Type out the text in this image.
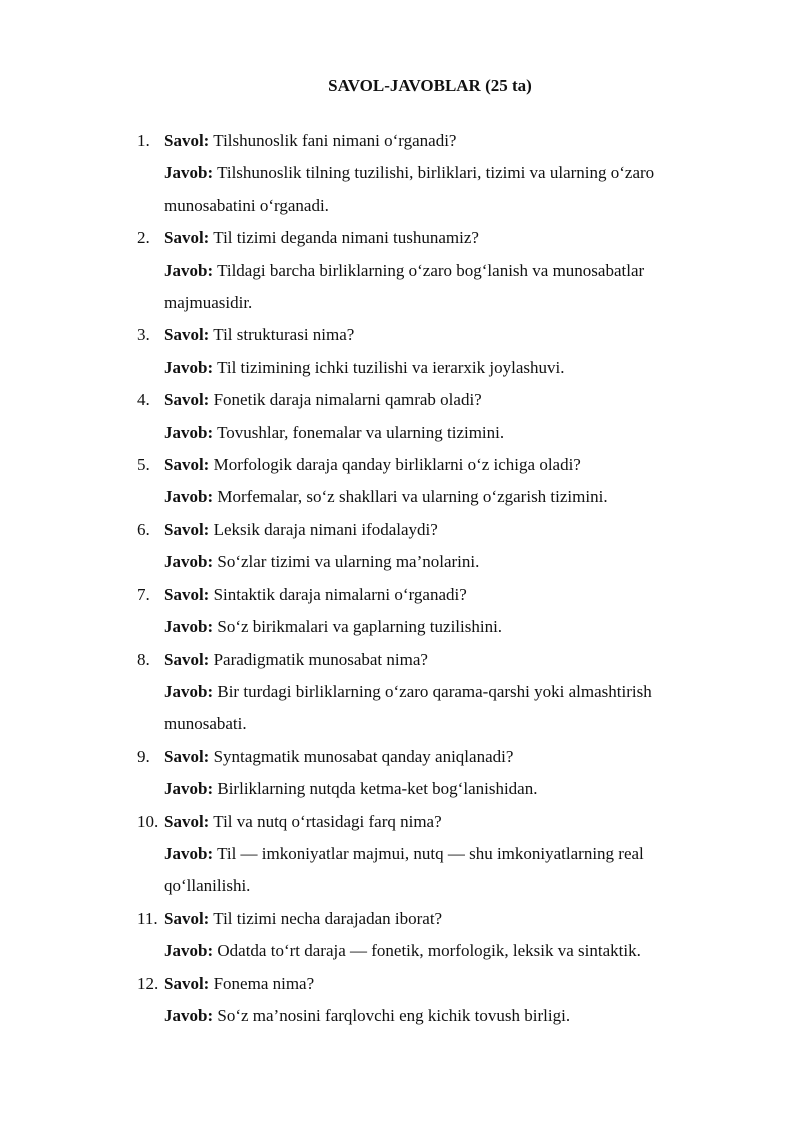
SAVOL-JAVOBLAR (25 ta)
1. Savol: Tilshunoslik fani nimani o‘rganadi?
Javob: Tilshunoslik tilning tuzilishi, birliklari, tizimi va ularning o‘zaro munosabatini o‘rganadi.
2. Savol: Til tizimi deganda nimani tushunamiz?
Javob: Tildagi barcha birliklarning o‘zaro bog‘lanish va munosabatlar majmuasidir.
3. Savol: Til strukturasi nima?
Javob: Til tizimining ichki tuzilishi va ierarxik joylashuvi.
4. Savol: Fonetik daraja nimalarni qamrab oladi?
Javob: Tovushlar, fonemalar va ularning tizimini.
5. Savol: Morfologik daraja qanday birliklarni o‘z ichiga oladi?
Javob: Morfemalar, so‘z shakllari va ularning o‘zgarish tizimini.
6. Savol: Leksik daraja nimani ifodalaydi?
Javob: So‘zlar tizimi va ularning ma’nolarini.
7. Savol: Sintaktik daraja nimalarni o‘rganadi?
Javob: So‘z birikmalari va gaplarning tuzilishini.
8. Savol: Paradigmatik munosabat nima?
Javob: Bir turdagi birliklarning o‘zaro qarama-qarshi yoki almashtirish munosabati.
9. Savol: Syntagmatik munosabat qanday aniqlanadi?
Javob: Birliklarning nutqda ketma-ket bog‘lanishidan.
10. Savol: Til va nutq o‘rtasidagi farq nima?
Javob: Til — imkoniyatlar majmui, nutq — shu imkoniyatlarning real qo‘llanilishi.
11. Savol: Til tizimi necha darajadan iborat?
Javob: Odatda to‘rt daraja — fonetik, morfologik, leksik va sintaktik.
12. Savol: Fonema nima?
Javob: So‘z ma’nosini farqlovchi eng kichik tovush birligi.
